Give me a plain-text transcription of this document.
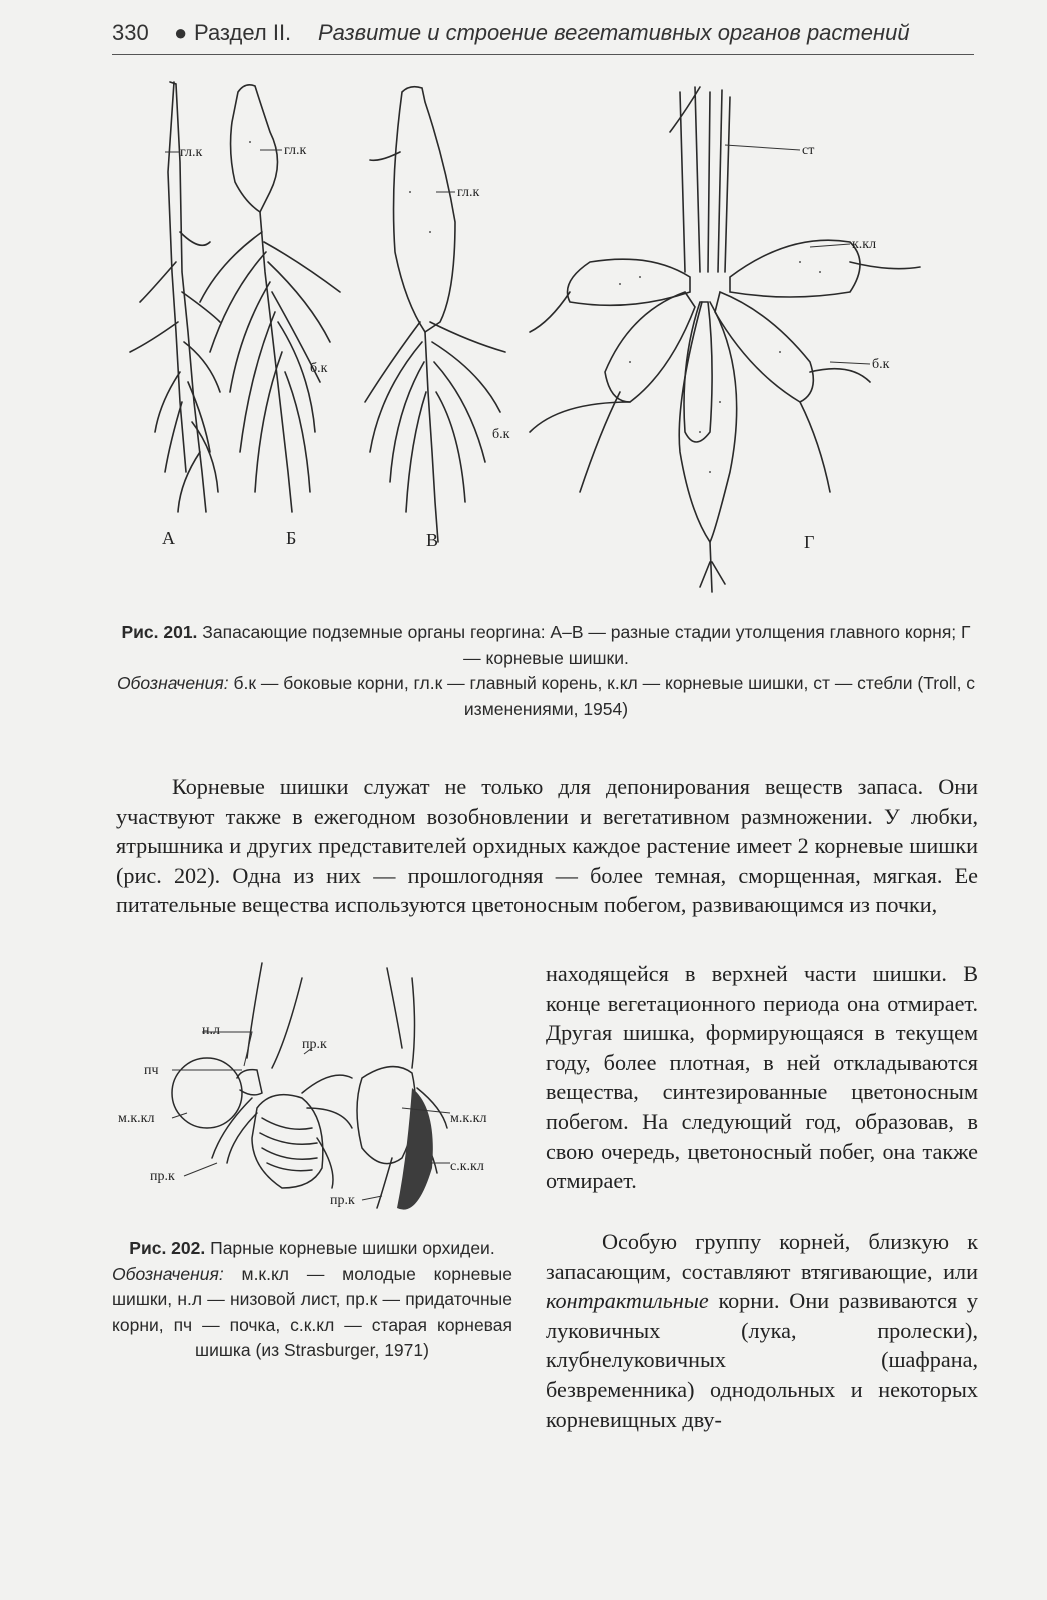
330 ● Раздел II. Развитие и строение вегетативных органов растений
гл.к	гл.к
б.к
гл.к
б.к
ст
к.кл
б.к
А	Б	В	Г
Рис. 201. Запасающие подземные органы георгина: А–В — разные стадии утолщения главного корня; Г — корневые шишки.
Обозначения: б.к — боковые корни, гл.к — главный корень, к.кл — корневые шишки, ст — стебли (Troll, с изменениями, 1954)

Корневые шишки служат не только для депонирования веществ запаса. Они участвуют также в ежегодном возобновлении и вегетативном размножении. У любки, ятрышника и других представителей орхидных каждое растение имеет 2 корневые шишки (рис. 202). Одна из них — прошлогодняя — более темная, сморщенная, мягкая. Ее питательные вещества используются цветоносным побегом, развивающимся из почки,

н.л
пч
м.к.кл
пр.к
пр.к
м.к.кл
с.к.кл
пр.к
Рис. 202. Парные корневые шишки орхидеи.
Обозначения: м.к.кл — молодые корневые шишки, н.л — низовой лист, пр.к — придаточные корни, пч — почка, с.к.кл — старая корневая шишка (из Strasburger, 1971)

находящейся в верхней части шишки. В конце вегетационного периода она отмирает. Другая шишка, формирующаяся в текущем году, более плотная, в ней откладываются вещества, синтезированные цветоносным побегом. На следующий год, образовав, в свою очередь, цветоносный побег, она также отмирает.

Особую группу корней, близкую к запасающим, составляют втягивающие, или контрактильные корни. Они развиваются у луковичных (лука, пролески), клубнелуковичных (шафрана, безвременника) однодольных и некоторых корневищных дву-
